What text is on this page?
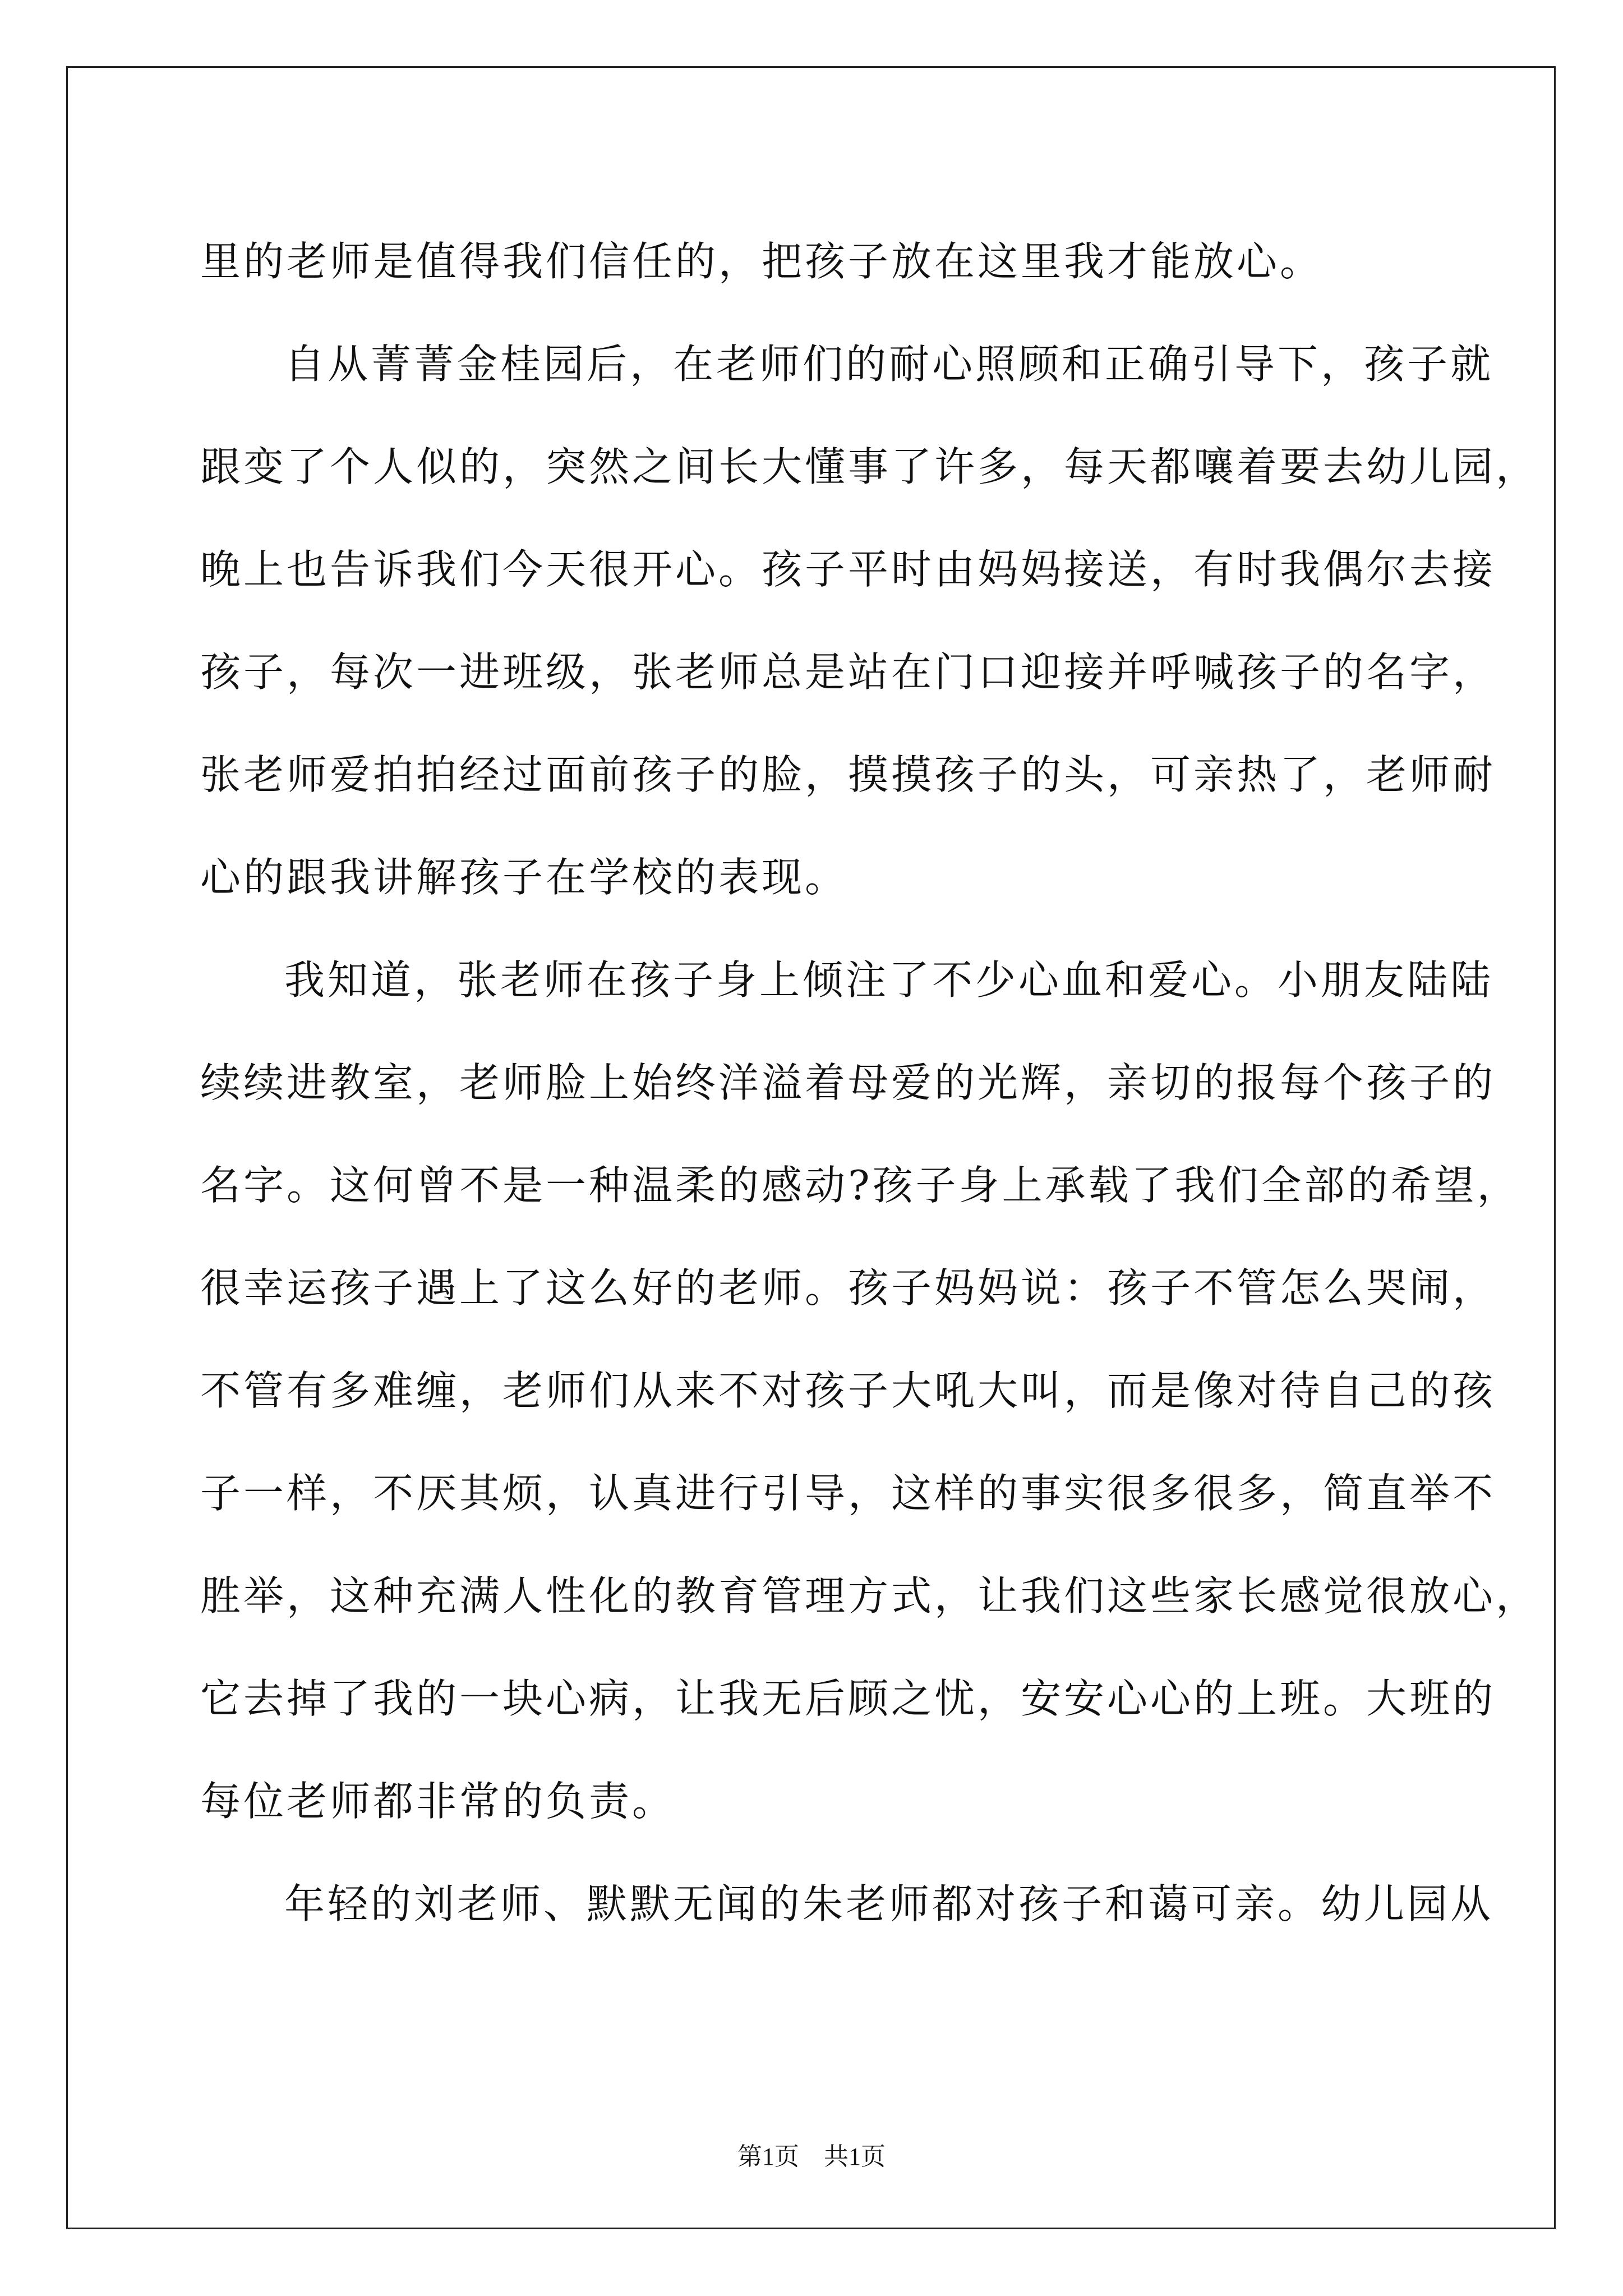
里的老师是值得我们信任的，把孩子放在这里我才能放心。
自从菁菁金桂园后，在老师们的耐心照顾和正确引导下，孩子就
跟变了个人似的，突然之间长大懂事了许多，每天都嚷着要去幼儿园，
晚上也告诉我们今天很开心。孩子平时由妈妈接送，有时我偶尔去接
孩子，每次一进班级，张老师总是站在门口迎接并呼喊孩子的名字，
张老师爱拍拍经过面前孩子的脸，摸摸孩子的头，可亲热了，老师耐
心的跟我讲解孩子在学校的表现。
我知道，张老师在孩子身上倾注了不少心血和爱心。小朋友陆陆
续续进教室，老师脸上始终洋溢着母爱的光辉，亲切的报每个孩子的
名字。这何曾不是一种温柔的感动?孩子身上承载了我们全部的希望，
很幸运孩子遇上了这么好的老师。孩子妈妈说：孩子不管怎么哭闹，
不管有多难缠，老师们从来不对孩子大吼大叫，而是像对待自己的孩
子一样，不厌其烦，认真进行引导，这样的事实很多很多，简直举不
胜举，这种充满人性化的教育管理方式，让我们这些家长感觉很放心，
它去掉了我的一块心病，让我无后顾之忧，安安心心的上班。大班的
每位老师都非常的负责。
年轻的刘老师、默默无闻的朱老师都对孩子和蔼可亲。幼儿园从
第1页　共1页
